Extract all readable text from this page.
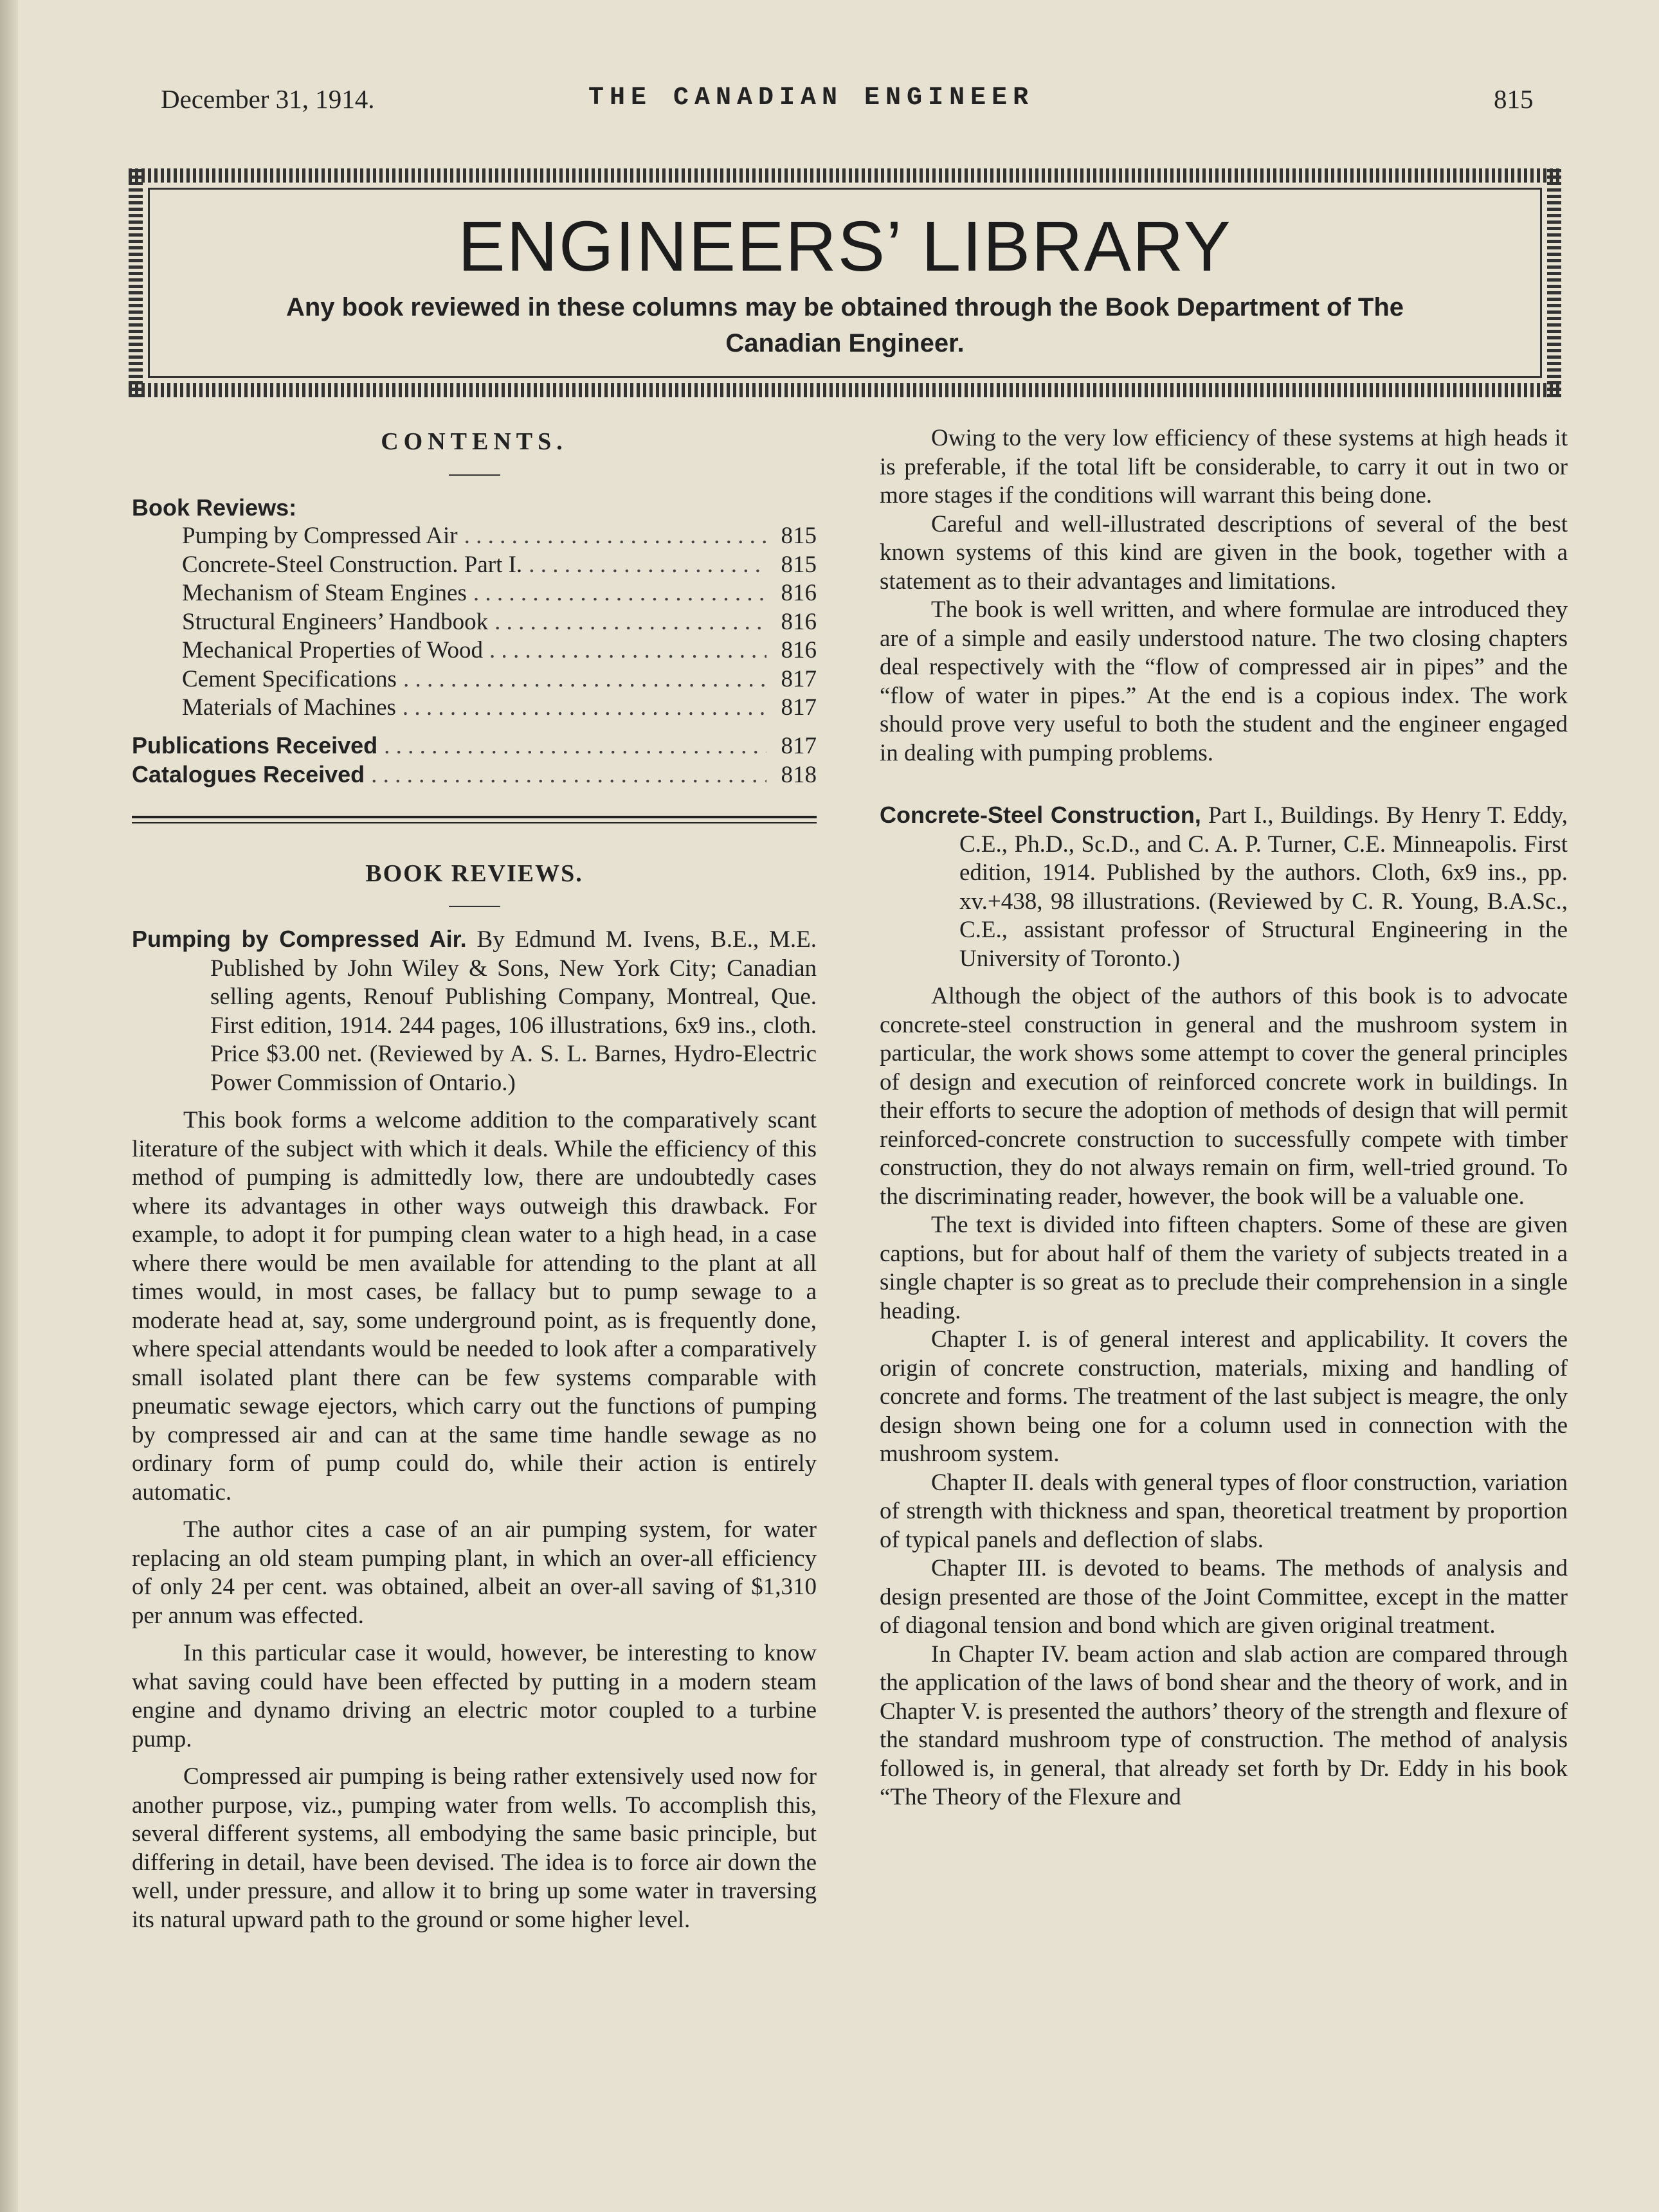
December 31, 1914.	THE CANADIAN ENGINEER	815
ENGINEERS’ LIBRARY
Any book reviewed in these columns may be obtained through the Book Department of The Canadian Engineer.
CONTENTS.
Book Reviews:
Pumping by Compressed Air . . .	815
Concrete-Steel Construction. Part I. . . .	815
Mechanism of Steam Engines . . .	816
Structural Engineers’ Handbook . . .	816
Mechanical Properties of Wood . . .	816
Cement Specifications . . .	817
Materials of Machines . . .	817
Publications Received . . .	817
Catalogues Received . . .	818
BOOK REVIEWS.

Pumping by Compressed Air. By Edmund M. Ivens, B.E., M.E. Published by John Wiley & Sons, New York City; Canadian selling agents, Renouf Publishing Company, Montreal, Que. First edition, 1914. 244 pages, 106 illustrations, 6x9 ins., cloth. Price $3.00 net. (Reviewed by A. S. L. Barnes, Hydro-Electric Power Commission of Ontario.)

This book forms a welcome addition to the comparatively scant literature of the subject with which it deals. While the efficiency of this method of pumping is admittedly low, there are undoubtedly cases where its advantages in other ways outweigh this drawback. For example, to adopt it for pumping clean water to a high head, in a case where there would be men available for attending to the plant at all times would, in most cases, be fallacy but to pump sewage to a moderate head at, say, some underground point, as is frequently done, where special attendants would be needed to look after a comparatively small isolated plant there can be few systems comparable with pneumatic sewage ejectors, which carry out the functions of pumping by compressed air and can at the same time handle sewage as no ordinary form of pump could do, while their action is entirely automatic.

The author cites a case of an air pumping system, for water replacing an old steam pumping plant, in which an over-all efficiency of only 24 per cent. was obtained, albeit an over-all saving of $1,310 per annum was effected.

In this particular case it would, however, be interesting to know what saving could have been effected by putting in a modern steam engine and dynamo driving an electric motor coupled to a turbine pump.

Compressed air pumping is being rather extensively used now for another purpose, viz., pumping water from wells. To accomplish this, several different systems, all embodying the same basic principle, but differing in detail, have been devised. The idea is to force air down the well, under pressure, and allow it to bring up some water in traversing its natural upward path to the ground or some higher level.

Owing to the very low efficiency of these systems at high heads it is preferable, if the total lift be considerable, to carry it out in two or more stages if the conditions will warrant this being done.

Careful and well-illustrated descriptions of several of the best known systems of this kind are given in the book, together with a statement as to their advantages and limitations.

The book is well written, and where formulae are introduced they are of a simple and easily understood nature. The two closing chapters deal respectively with the “flow of compressed air in pipes” and the “flow of water in pipes.” At the end is a copious index. The work should prove very useful to both the student and the engineer engaged in dealing with pumping problems.

Concrete-Steel Construction, Part I., Buildings. By Henry T. Eddy, C.E., Ph.D., Sc.D., and C. A. P. Turner, C.E. Minneapolis. First edition, 1914. Published by the authors. Cloth, 6x9 ins., pp. xv.+438, 98 illustrations. (Reviewed by C. R. Young, B.A.Sc., C.E., assistant professor of Structural Engineering in the University of Toronto.)

Although the object of the authors of this book is to advocate concrete-steel construction in general and the mushroom system in particular, the work shows some attempt to cover the general principles of design and execution of reinforced concrete work in buildings. In their efforts to secure the adoption of methods of design that will permit reinforced-concrete construction to successfully compete with timber construction, they do not always remain on firm, well-tried ground. To the discriminating reader, however, the book will be a valuable one.

The text is divided into fifteen chapters. Some of these are given captions, but for about half of them the variety of subjects treated in a single chapter is so great as to preclude their comprehension in a single heading.

Chapter I. is of general interest and applicability. It covers the origin of concrete construction, materials, mixing and handling of concrete and forms. The treatment of the last subject is meagre, the only design shown being one for a column used in connection with the mushroom system.

Chapter II. deals with general types of floor construction, variation of strength with thickness and span, theoretical treatment by proportion of typical panels and deflection of slabs.

Chapter III. is devoted to beams. The methods of analysis and design presented are those of the Joint Committee, except in the matter of diagonal tension and bond which are given original treatment.

In Chapter IV. beam action and slab action are compared through the application of the laws of bond shear and the theory of work, and in Chapter V. is presented the authors’ theory of the strength and flexure of the standard mushroom type of construction. The method of analysis followed is, in general, that already set forth by Dr. Eddy in his book “The Theory of the Flexure and
